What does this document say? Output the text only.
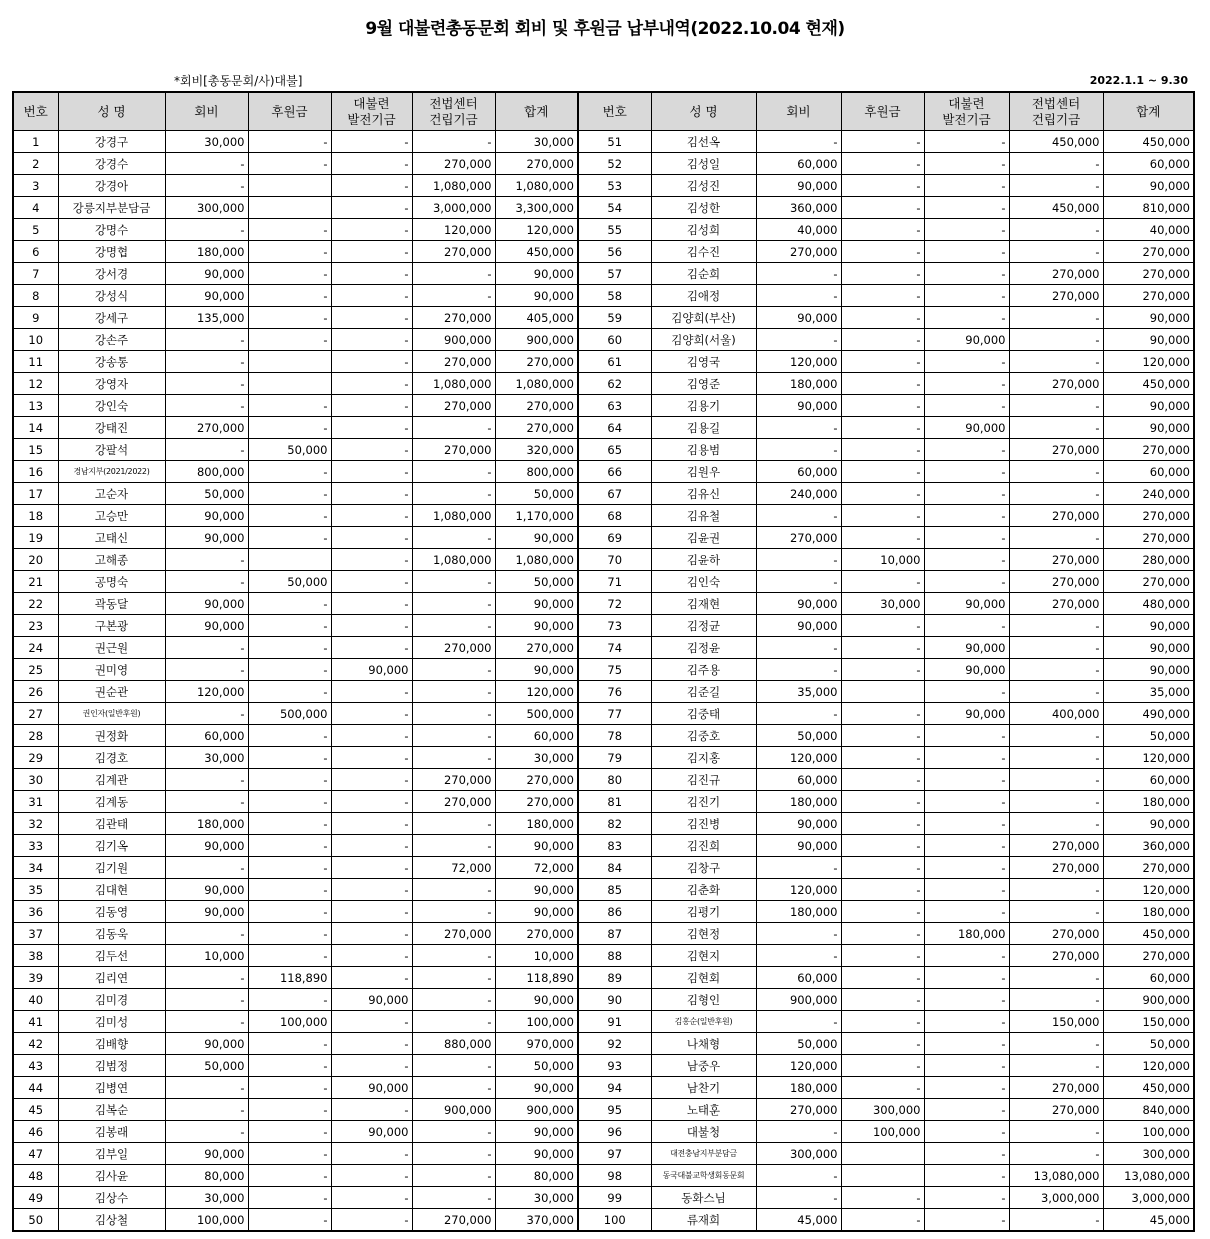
9월 대불련총동문회 회비 및 후원금 납부내역(2022.10.04 현재)
*회비[총동문회/사)대불]	2022.1.1 ~ 9.30
번호	성 명	회비	후원금	대불련
발전기금	전법센터
건립기금	합계	번호	성 명	회비	후원금	대불련
발전기금	전법센터
건립기금	합계
1	강경구	30,000	-	-	-	30,000	51	김선옥	-	-	-	450,000	450,000
2	강경수	-	-	-	270,000	270,000	52	김성일	60,000	-	-	-	60,000
3	강경아	-		-	1,080,000	1,080,000	53	김성진	90,000	-	-	-	90,000
4	강릉지부분담금	300,000		-	3,000,000	3,300,000	54	김성한	360,000	-	-	450,000	810,000
5	강명수	-	-	-	120,000	120,000	55	김성희	40,000	-	-	-	40,000
6	강명협	180,000	-	-	270,000	450,000	56	김수진	270,000	-	-	-	270,000
7	강서경	90,000	-	-	-	90,000	57	김순희	-	-	-	270,000	270,000
8	강성식	90,000	-	-	-	90,000	58	김애정	-	-	-	270,000	270,000
9	강세구	135,000	-	-	270,000	405,000	59	김양희(부산)	90,000	-	-	-	90,000
10	강손주	-	-	-	900,000	900,000	60	김양희(서울)	-	-	90,000	-	90,000
11	강송통	-		-	270,000	270,000	61	김영국	120,000	-	-	-	120,000
12	강영자	-		-	1,080,000	1,080,000	62	김영준	180,000	-	-	270,000	450,000
13	강인숙	-	-	-	270,000	270,000	63	김용기	90,000	-	-	-	90,000
14	강태진	270,000	-	-	-	270,000	64	김용길	-	-	90,000	-	90,000
15	강팔석	-	50,000	-	270,000	320,000	65	김용범	-	-	-	270,000	270,000
16	경남지부(2021/2022)	800,000	-	-	-	800,000	66	김원우	60,000	-	-	-	60,000
17	고순자	50,000	-	-	-	50,000	67	김유신	240,000	-	-	-	240,000
18	고승만	90,000	-	-	1,080,000	1,170,000	68	김유철	-	-	-	270,000	270,000
19	고태신	90,000	-	-	-	90,000	69	김윤권	270,000	-	-	-	270,000
20	고해종	-		-	1,080,000	1,080,000	70	김윤하	-	10,000	-	270,000	280,000
21	공명숙	-	50,000	-	-	50,000	71	김인숙	-	-	-	270,000	270,000
22	곽동달	90,000	-	-	-	90,000	72	김재현	90,000	30,000	90,000	270,000	480,000
23	구본광	90,000	-	-	-	90,000	73	김정균	90,000	-	-	-	90,000
24	권근원	-	-	-	270,000	270,000	74	김정윤	-	-	90,000	-	90,000
25	권미영	-	-	90,000	-	90,000	75	김주용	-	-	90,000	-	90,000
26	권순관	120,000	-	-	-	120,000	76	김준길	35,000		-	-	35,000
27	권인자(일반후원)	-	500,000	-	-	500,000	77	김중태	-	-	90,000	400,000	490,000
28	권정화	60,000	-	-	-	60,000	78	김중호	50,000	-	-	-	50,000
29	김경호	30,000	-	-	-	30,000	79	김지홍	120,000	-	-	-	120,000
30	김계관	-	-	-	270,000	270,000	80	김진규	60,000	-	-	-	60,000
31	김계동	-	-	-	270,000	270,000	81	김진기	180,000	-	-	-	180,000
32	김관태	180,000	-	-	-	180,000	82	김진병	90,000	-	-	-	90,000
33	김기옥	90,000	-	-	-	90,000	83	김진희	90,000	-	-	270,000	360,000
34	김기원	-	-	-	72,000	72,000	84	김창구	-	-	-	270,000	270,000
35	김대현	90,000	-	-	-	90,000	85	김춘화	120,000	-	-	-	120,000
36	김동영	90,000	-	-	-	90,000	86	김평기	180,000	-	-	-	180,000
37	김동욱	-	-	-	270,000	270,000	87	김현정	-	-	180,000	270,000	450,000
38	김두선	10,000	-	-	-	10,000	88	김현지	-	-	-	270,000	270,000
39	김리연	-	118,890	-	-	118,890	89	김현회	60,000	-	-	-	60,000
40	김미경	-	-	90,000	-	90,000	90	김형인	900,000	-	-	-	900,000
41	김미성	-	100,000	-	-	100,000	91	김홍순(일반후원)	-	-	-	150,000	150,000
42	김배향	90,000	-	-	880,000	970,000	92	나채형	50,000	-	-	-	50,000
43	김범정	50,000	-	-	-	50,000	93	남중우	120,000	-	-	-	120,000
44	김병연	-	-	90,000	-	90,000	94	남찬기	180,000	-	-	270,000	450,000
45	김복순	-	-	-	900,000	900,000	95	노태훈	270,000	300,000	-	270,000	840,000
46	김봉래	-	-	90,000	-	90,000	96	대불청	-	100,000	-	-	100,000
47	김부일	90,000	-	-	-	90,000	97	대전충남지부분담금	300,000		-	-	300,000
48	김사윤	80,000	-	-	-	80,000	98	동국대불교학생회동문회	-		-	13,080,000	13,080,000
49	김상수	30,000	-	-	-	30,000	99	동화스님	-	-	-	3,000,000	3,000,000
50	김상철	100,000	-	-	270,000	370,000	100	류재희	45,000	-	-	-	45,000
